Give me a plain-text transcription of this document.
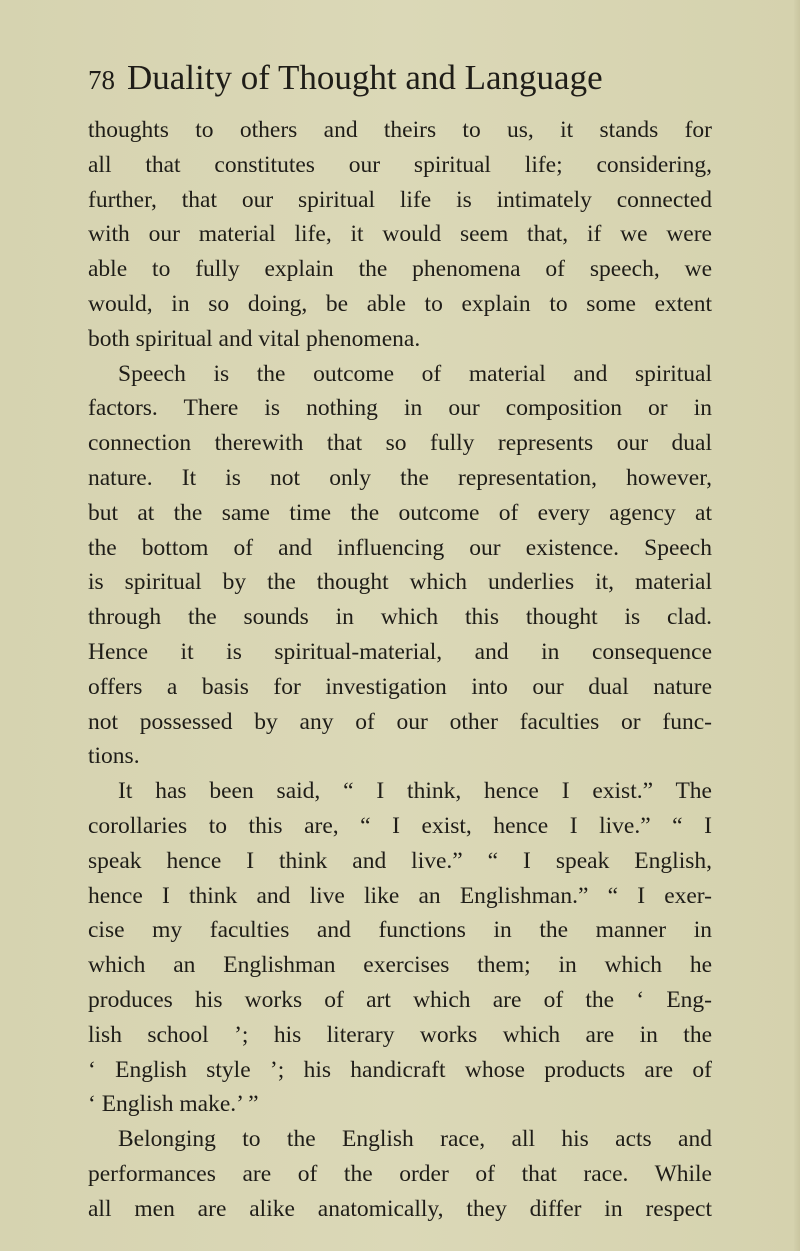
78 Duality of Thought and Language
thoughts to others and theirs to us, it stands for
all that constitutes our spiritual life; considering,
further, that our spiritual life is intimately connected
with our material life, it would seem that, if we were
able to fully explain the phenomena of speech, we
would, in so doing, be able to explain to some extent
both spiritual and vital phenomena.
Speech is the outcome of material and spiritual
factors. There is nothing in our composition or in
connection therewith that so fully represents our dual
nature. It is not only the representation, however,
but at the same time the outcome of every agency at
the bottom of and influencing our existence. Speech
is spiritual by the thought which underlies it, material
through the sounds in which this thought is clad.
Hence it is spiritual-material, and in consequence
offers a basis for investigation into our dual nature
not possessed by any of our other faculties or func-
tions.
It has been said, “ I think, hence I exist.” The
corollaries to this are, “ I exist, hence I live.” “ I
speak hence I think and live.” “ I speak English,
hence I think and live like an Englishman.” “ I exer-
cise my faculties and functions in the manner in
which an Englishman exercises them; in which he
produces his works of art which are of the ‘ Eng-
lish school ’; his literary works which are in the
‘ English style ’; his handicraft whose products are of
‘ English make.’ ”
Belonging to the English race, all his acts and
performances are of the order of that race. While
all men are alike anatomically, they differ in respect
